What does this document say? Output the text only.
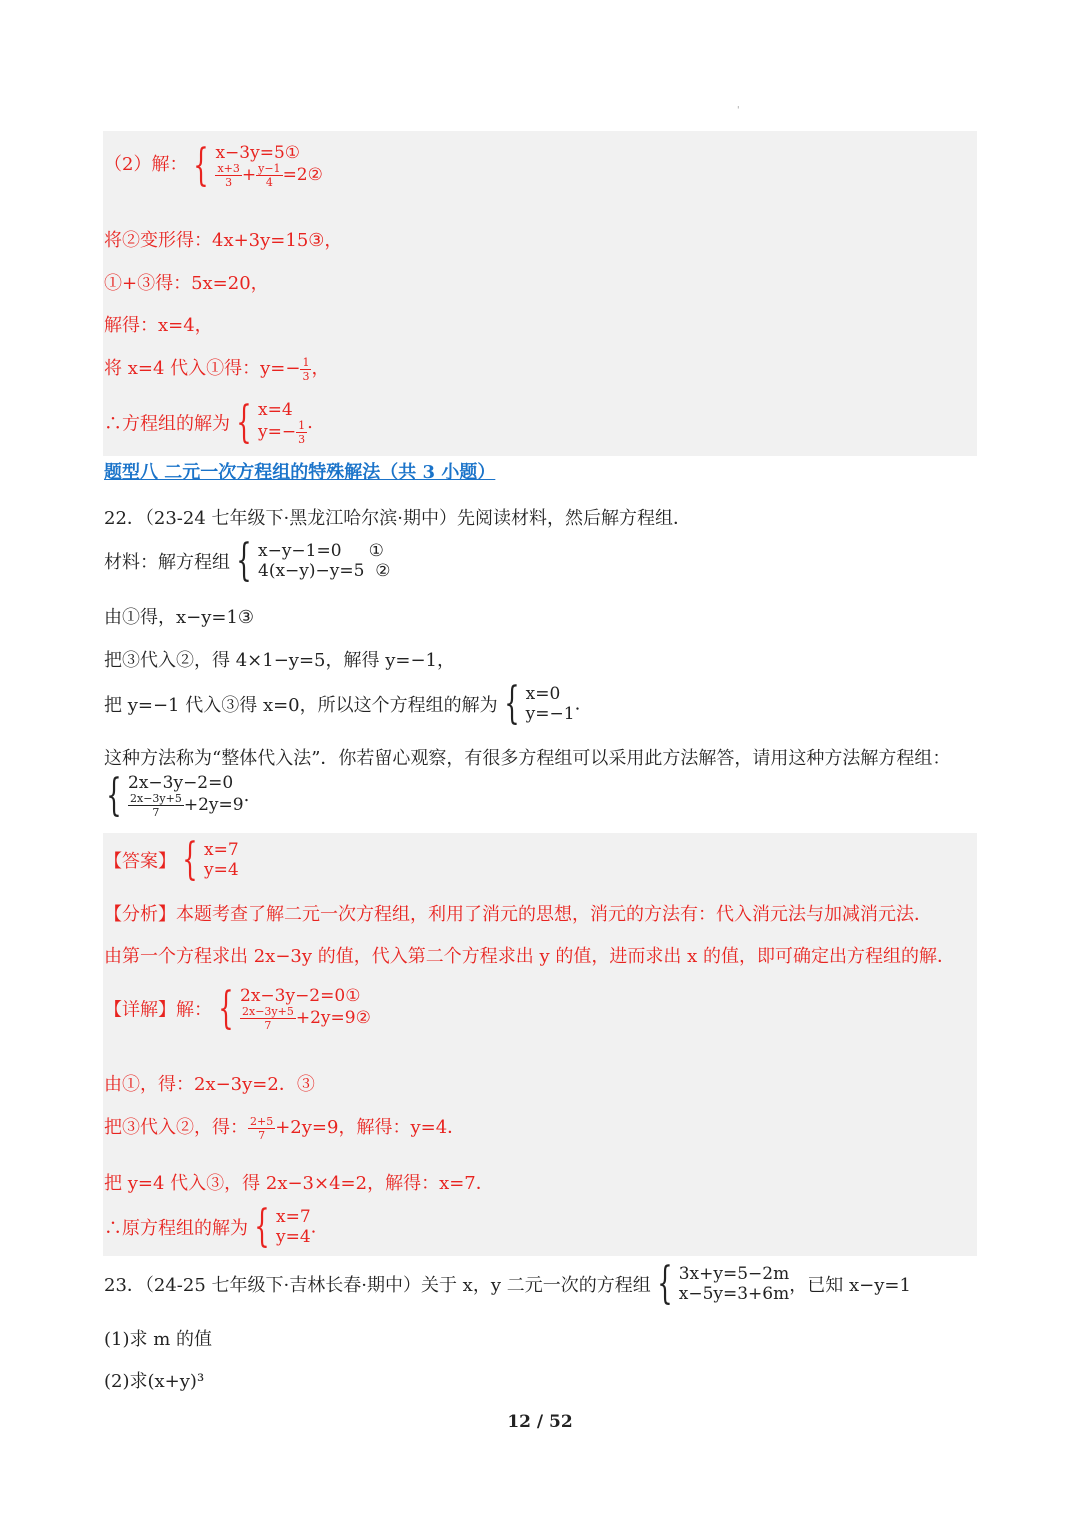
'
（2）解： { x−3y=5①
$\frac{x+3}{3} + \frac{y-1}{4}$ =2②
将②变形得：4x+3y=15③，
①+③得：5x=20，
解得：x=4，
将 x=4 代入①得：$y=- \frac{1}{3}$ ，
∴方程组的解为 { x=4
$y=- \frac{1}{3}$ .
题型八 二元一次方程组的特殊解法（共 3 小题）
22．（23-24 七年级下·黑龙江哈尔滨·期中）先阅读材料，然后解方程组．
材料：解方程组 { x−y−1=0     ①
4(x−y)−y=5  ②
由①得，x−y=1③
把③代入②，得 4×1−y=5，解得 y=−1，
把 y=−1 代入③得 x=0，所以这个方程组的解为 { x=0
y=−1 .
这种方法称为“整体代入法”．你若留心观察，有很多方程组可以采用此方法解答，请用这种方法解方程组：
{ 2x−3y−2=0
$\frac{2x-3y+5}{7} +2y=9$ .
【答案】 { x=7
y=4
【分析】本题考查了解二元一次方程组，利用了消元的思想，消元的方法有：代入消元法与加减消元法．
由第一个方程求出 2x−3y 的值，代入第二个方程求出 y 的值，进而求出 x 的值，即可确定出方程组的解．
【详解】解： { 2x−3y−2=0①
$\frac{2x-3y+5}{7}$ +2y=9②
由①，得：2x−3y=2．③
把③代入②，得： $\frac{2+5}{7} +2y=9$，解得：y=4．
把 y=4 代入③，得 2x−3×4=2，解得：x=7．
∴原方程组的解为 { x=7
y=4 .
23．（24-25 七年级下·吉林长春·期中）关于 x，y 二元一次的方程组 { 3x+y=5−2m
x−5y=3+6m ，已知 x−y=1
(1)求 m 的值
(2)求(x+y)³
12 / 52
